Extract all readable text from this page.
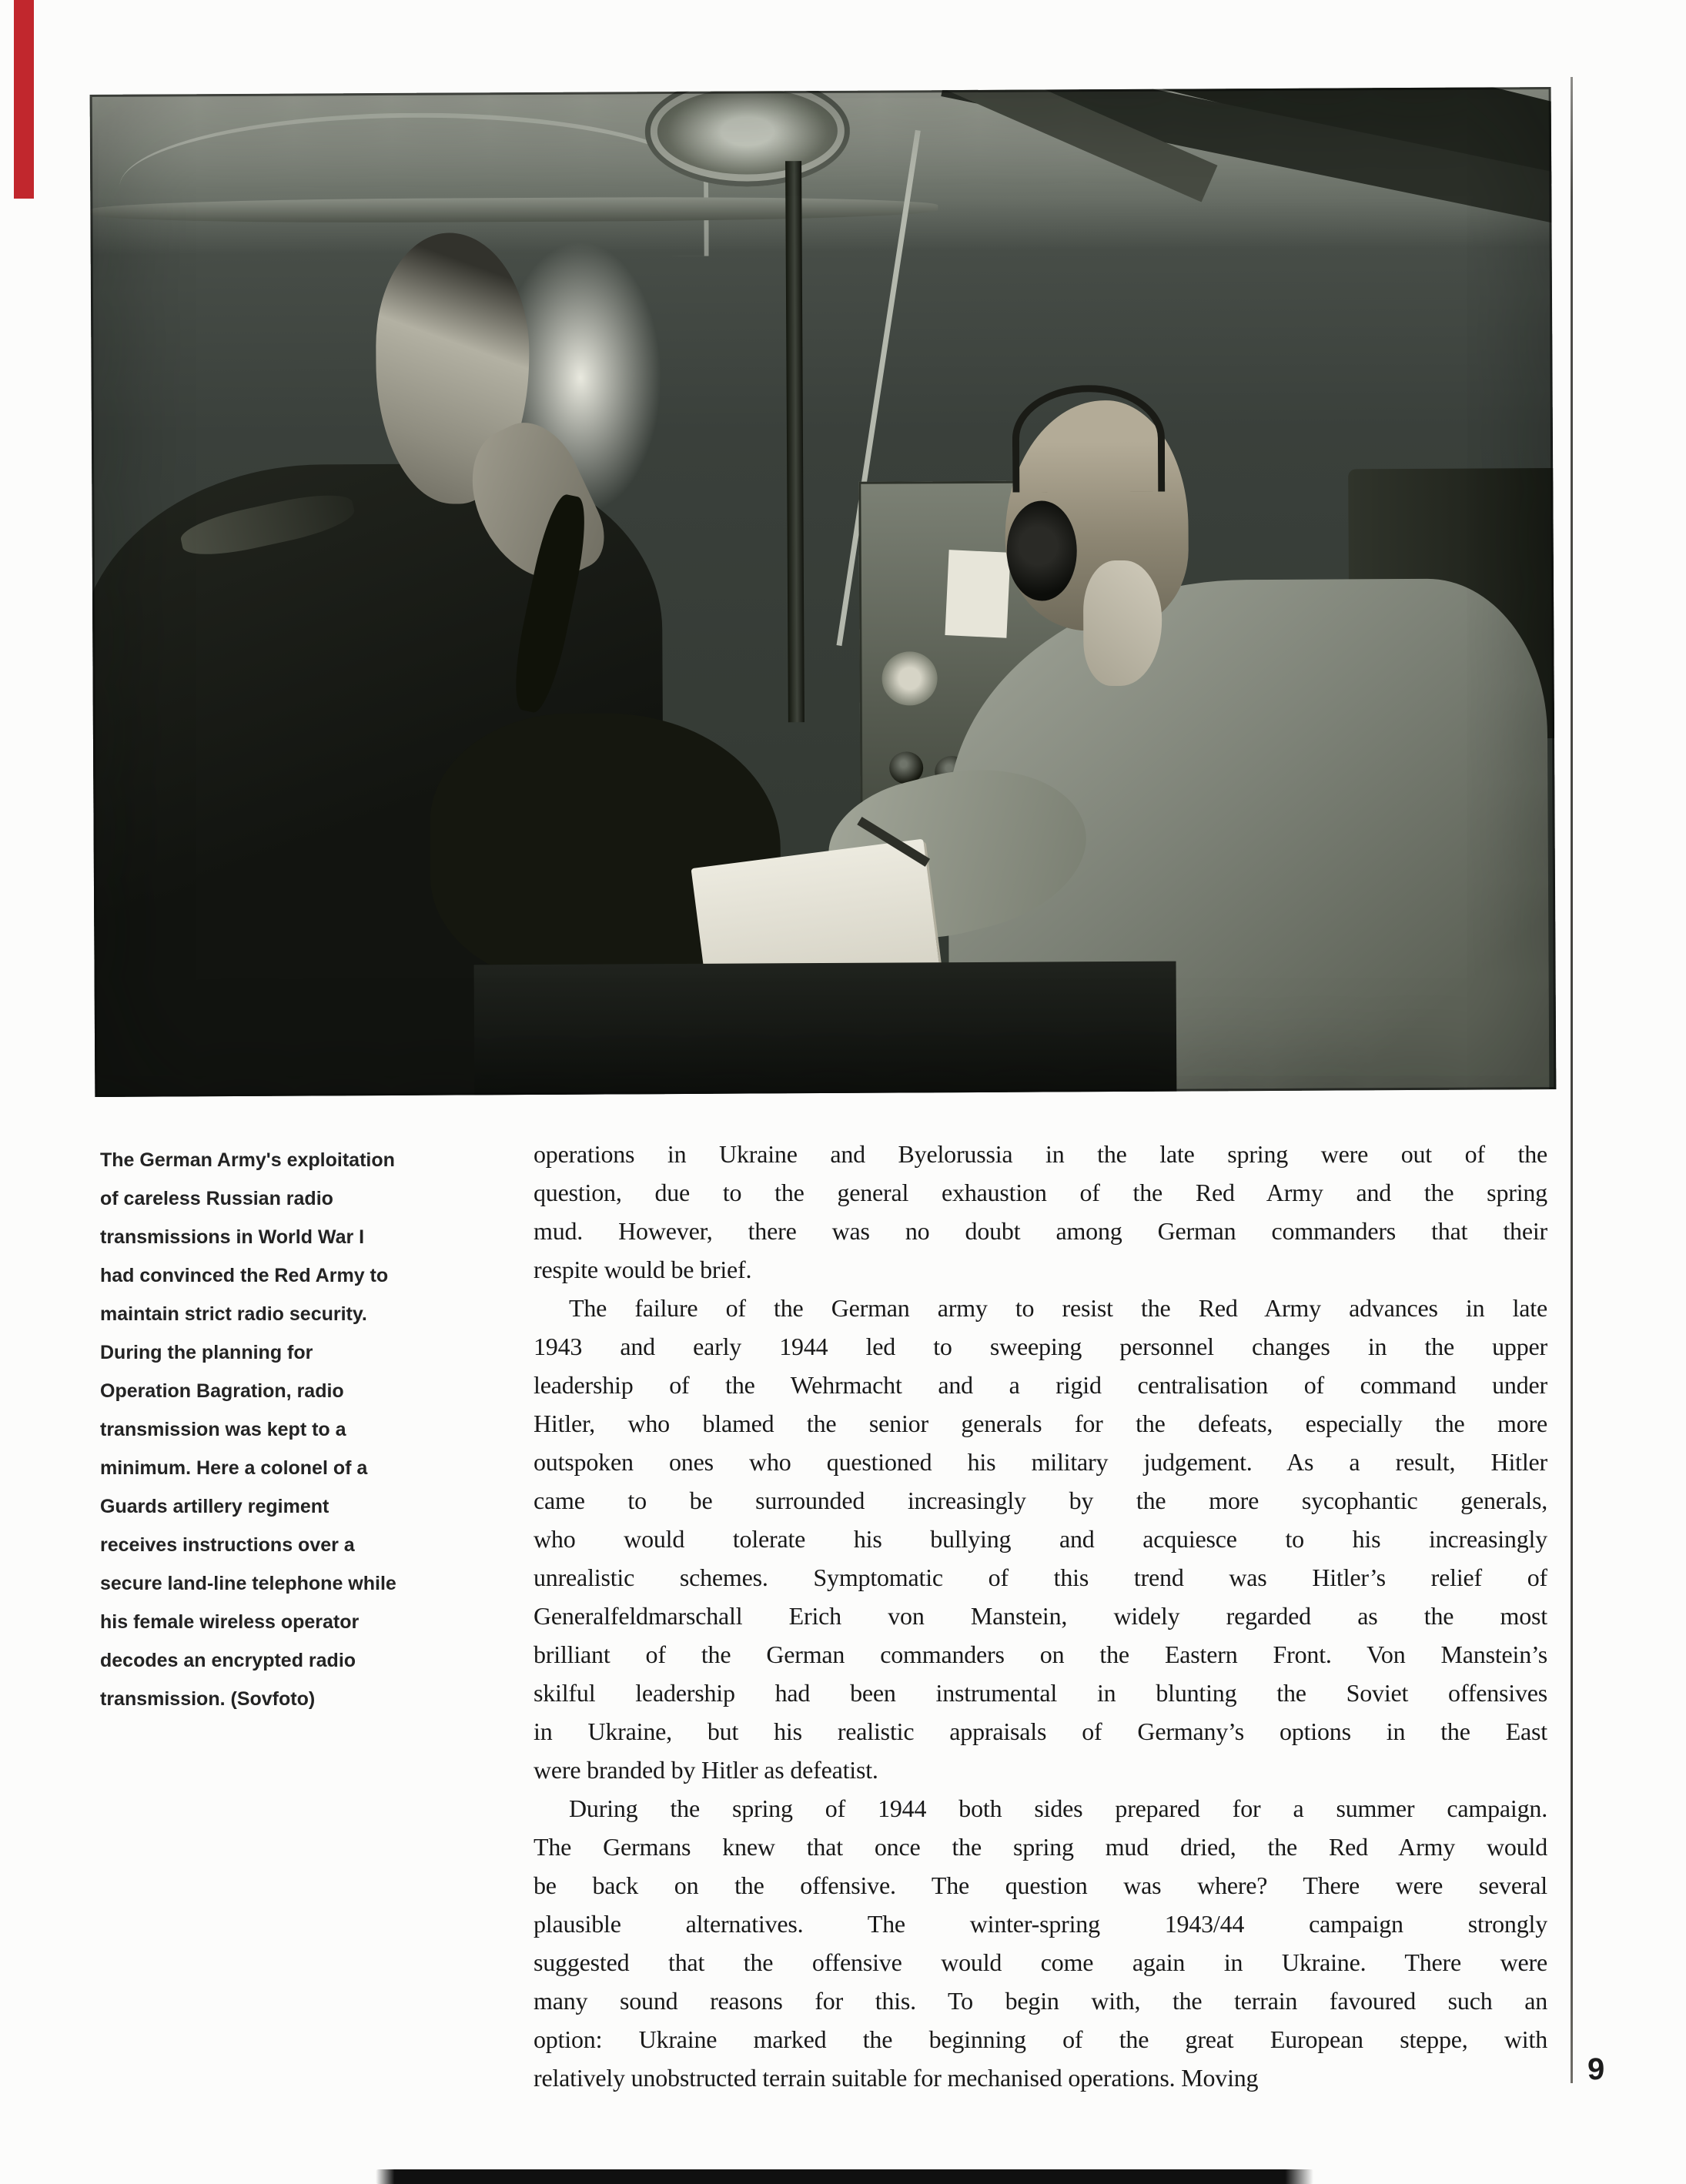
The German Army's exploitation
of careless Russian radio
transmissions in World War I
had convinced the Red Army to
maintain strict radio security.
During the planning for
Operation Bagration, radio
transmission was kept to a
minimum. Here a colonel of a
Guards artillery regiment
receives instructions over a
secure land-line telephone while
his female wireless operator
decodes an encrypted radio
transmission. (Sovfoto)
operations in Ukraine and Byelorussia in the late spring were out of the
question, due to the general exhaustion of the Red Army and the spring
mud. However, there was no doubt among German commanders that their
respite would be brief.
The failure of the German army to resist the Red Army advances in late
1943 and early 1944 led to sweeping personnel changes in the upper
leadership of the Wehrmacht and a rigid centralisation of command under
Hitler, who blamed the senior generals for the defeats, especially the more
outspoken ones who questioned his military judgement. As a result, Hitler
came to be surrounded increasingly by the more sycophantic generals,
who would tolerate his bullying and acquiesce to his increasingly
unrealistic schemes. Symptomatic of this trend was Hitler’s relief of
Generalfeldmarschall Erich von Manstein, widely regarded as the most
brilliant of the German commanders on the Eastern Front. Von Manstein’s
skilful leadership had been instrumental in blunting the Soviet offensives
in Ukraine, but his realistic appraisals of Germany’s options in the East
were branded by Hitler as defeatist.
During the spring of 1944 both sides prepared for a summer campaign.
The Germans knew that once the spring mud dried, the Red Army would
be back on the offensive. The question was where? There were several
plausible alternatives. The winter-spring 1943/44 campaign strongly
suggested that the offensive would come again in Ukraine. There were
many sound reasons for this. To begin with, the terrain favoured such an
option: Ukraine marked the beginning of the great European steppe, with
relatively unobstructed terrain suitable for mechanised operations. Moving	9
